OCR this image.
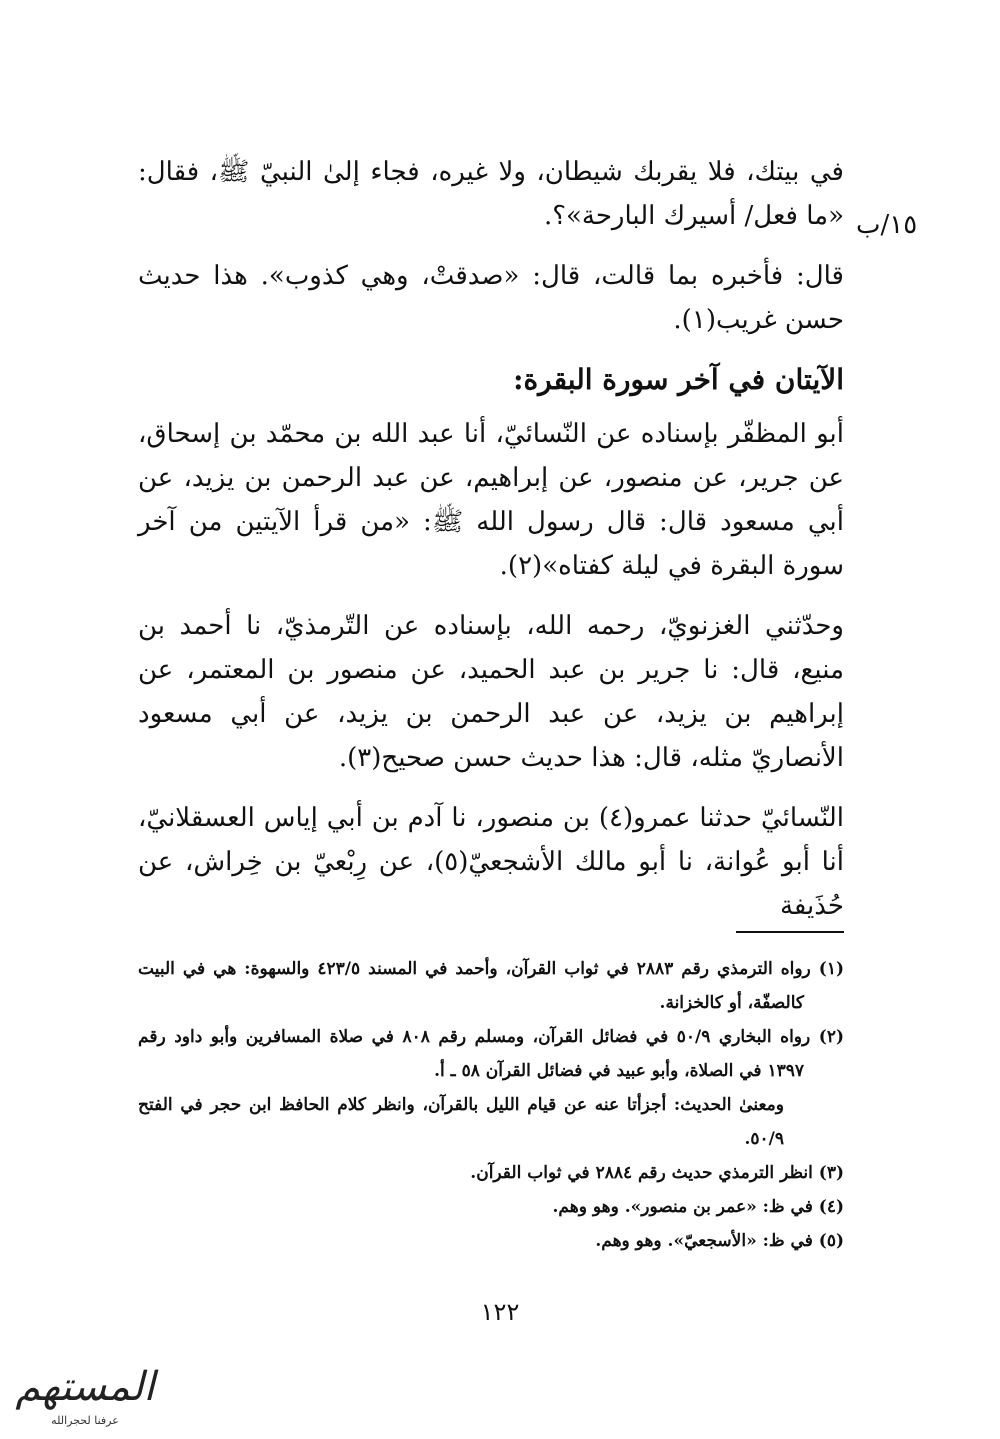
١٥/ب

في بيتك، فلا يقربك شيطان، ولا غيره، فجاء إلىٰ النبيّ ﷺ، فقال: «ما فعل/ أسيرك البارحة»؟.

قال: فأخبره بما قالت، قال: «صدقتْ، وهي كذوب». هذا حديث حسن غريب(١).

الآيتان في آخر سورة البقرة:

أبو المظفّر بإسناده عن النّسائيّ، أنا عبد الله بن محمّد بن إسحاق، عن جرير، عن منصور، عن إبراهيم، عن عبد الرحمن بن يزيد، عن أبي مسعود قال: قال رسول الله ﷺ: «من قرأ الآيتين من آخر سورة البقرة في ليلة كفتاه»(٢).

وحدّثني الغزنويّ، رحمه الله، بإسناده عن التّرمذيّ، نا أحمد بن منيع، قال: نا جرير بن عبد الحميد، عن منصور بن المعتمر، عن إبراهيم بن يزيد، عن عبد الرحمن بن يزيد، عن أبي مسعود الأنصاريّ مثله، قال: هذا حديث حسن صحيح(٣).

النّسائيّ حدثنا عمرو(٤) بن منصور، نا آدم بن أبي إياس العسقلانيّ، أنا أبو عُوانة، نا أبو مالك الأشجعيّ(٥)، عن رِبْعيّ بن خِراش، عن حُذَيفة

(١) رواه الترمذي رقم ٢٨٨٣ في ثواب القرآن، وأحمد في المسند ٤٢٣/٥ والسهوة: هي في البيت كالصفّة، أو كالخزانة.

(٢) رواه البخاري ٥٠/٩ في فضائل القرآن، ومسلم رقم ٨٠٨ في صلاة المسافرين وأبو داود رقم ١٣٩٧ في الصلاة، وأبو عبيد في فضائل القرآن ٥٨ ـ أ.

ومعنىٰ الحديث: أجزأتا عنه عن قيام الليل بالقرآن، وانظر كلام الحافظ ابن حجر في الفتح ٥٠/٩.

(٣) انظر الترمذي حديث رقم ٢٨٨٤ في ثواب القرآن.

(٤) في ظ: «عمر بن منصور». وهو وهم.

(٥) في ظ: «الأسجعيّ». وهو وهم.

١٢٢
المستهم
عرفنا لحجرالله
